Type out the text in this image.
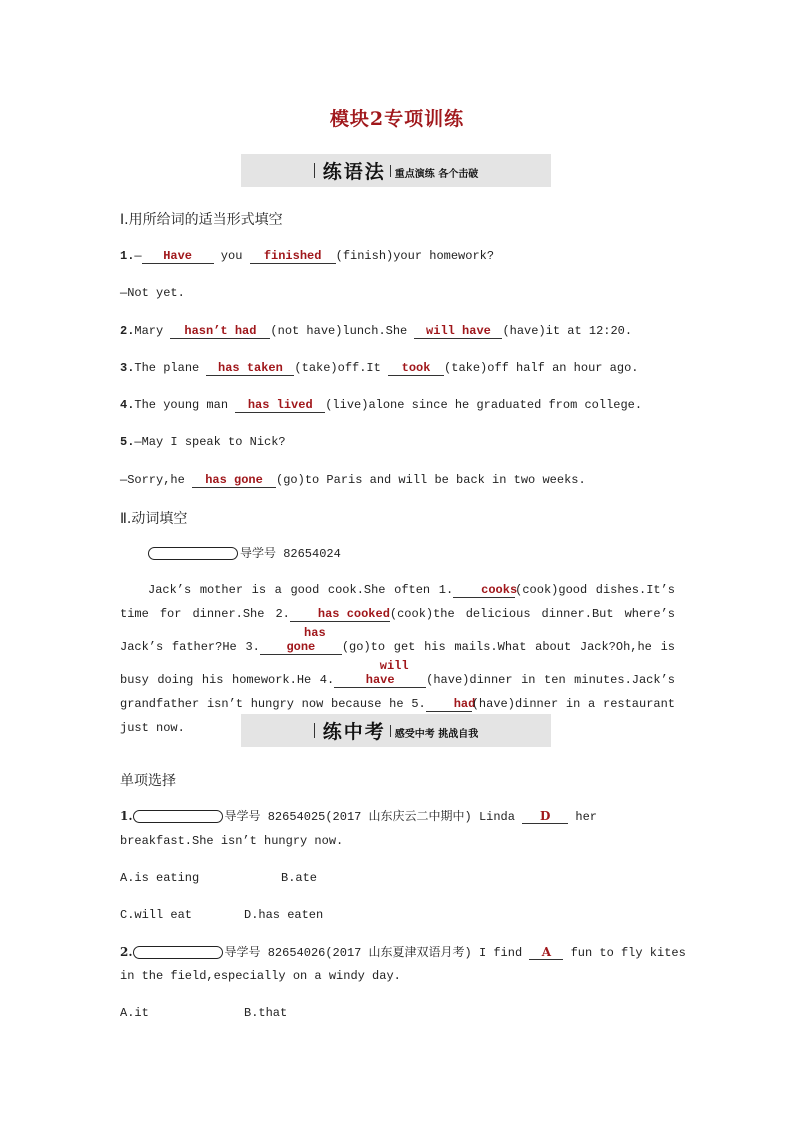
模块2专项训练
练语法 重点演练 各个击破
Ⅰ.用所给词的适当形式填空
1.— Have you finished (finish)your homework?
—Not yet.
2.Mary hasn’t had (not have)lunch.She will have (have)it at 12:20.
3.The plane has taken (take)off.It took (take)off half an hour ago.
4.The young man has lived (live)alone since he graduated from college.
5.—May I speak to Nick?
—Sorry,he has gone (go)to Paris and will be back in two weeks.
Ⅱ.动词填空
导学号 82654024
Jack’s mother is a good cook.She often 1. cooks(cook)good dishes.It’s time for dinner.She 2. has cooked(cook)the delicious dinner.But where’s Jack’s father?He 3.has gone (go)to get his mails.What about Jack?Oh,he is busy doing his homework.He 4.will have	(have)dinner in ten minutes.Jack’s grandfather isn’t hungry now because he 5. had(have)dinner in a restaurant just now.	练中考 感受中考 挑战自我
单项选择
1.	导学号 82654025(2017 山东庆云二中期中) Linda D her
breakfast.She isn’t hungry now.
A.is eating	B.ate
C.will eat	D.has eaten
2.	导学号 82654026(2017 山东夏津双语月考) I find A fun to fly kites
in the field,especially on a windy day.
A.it	B.that
